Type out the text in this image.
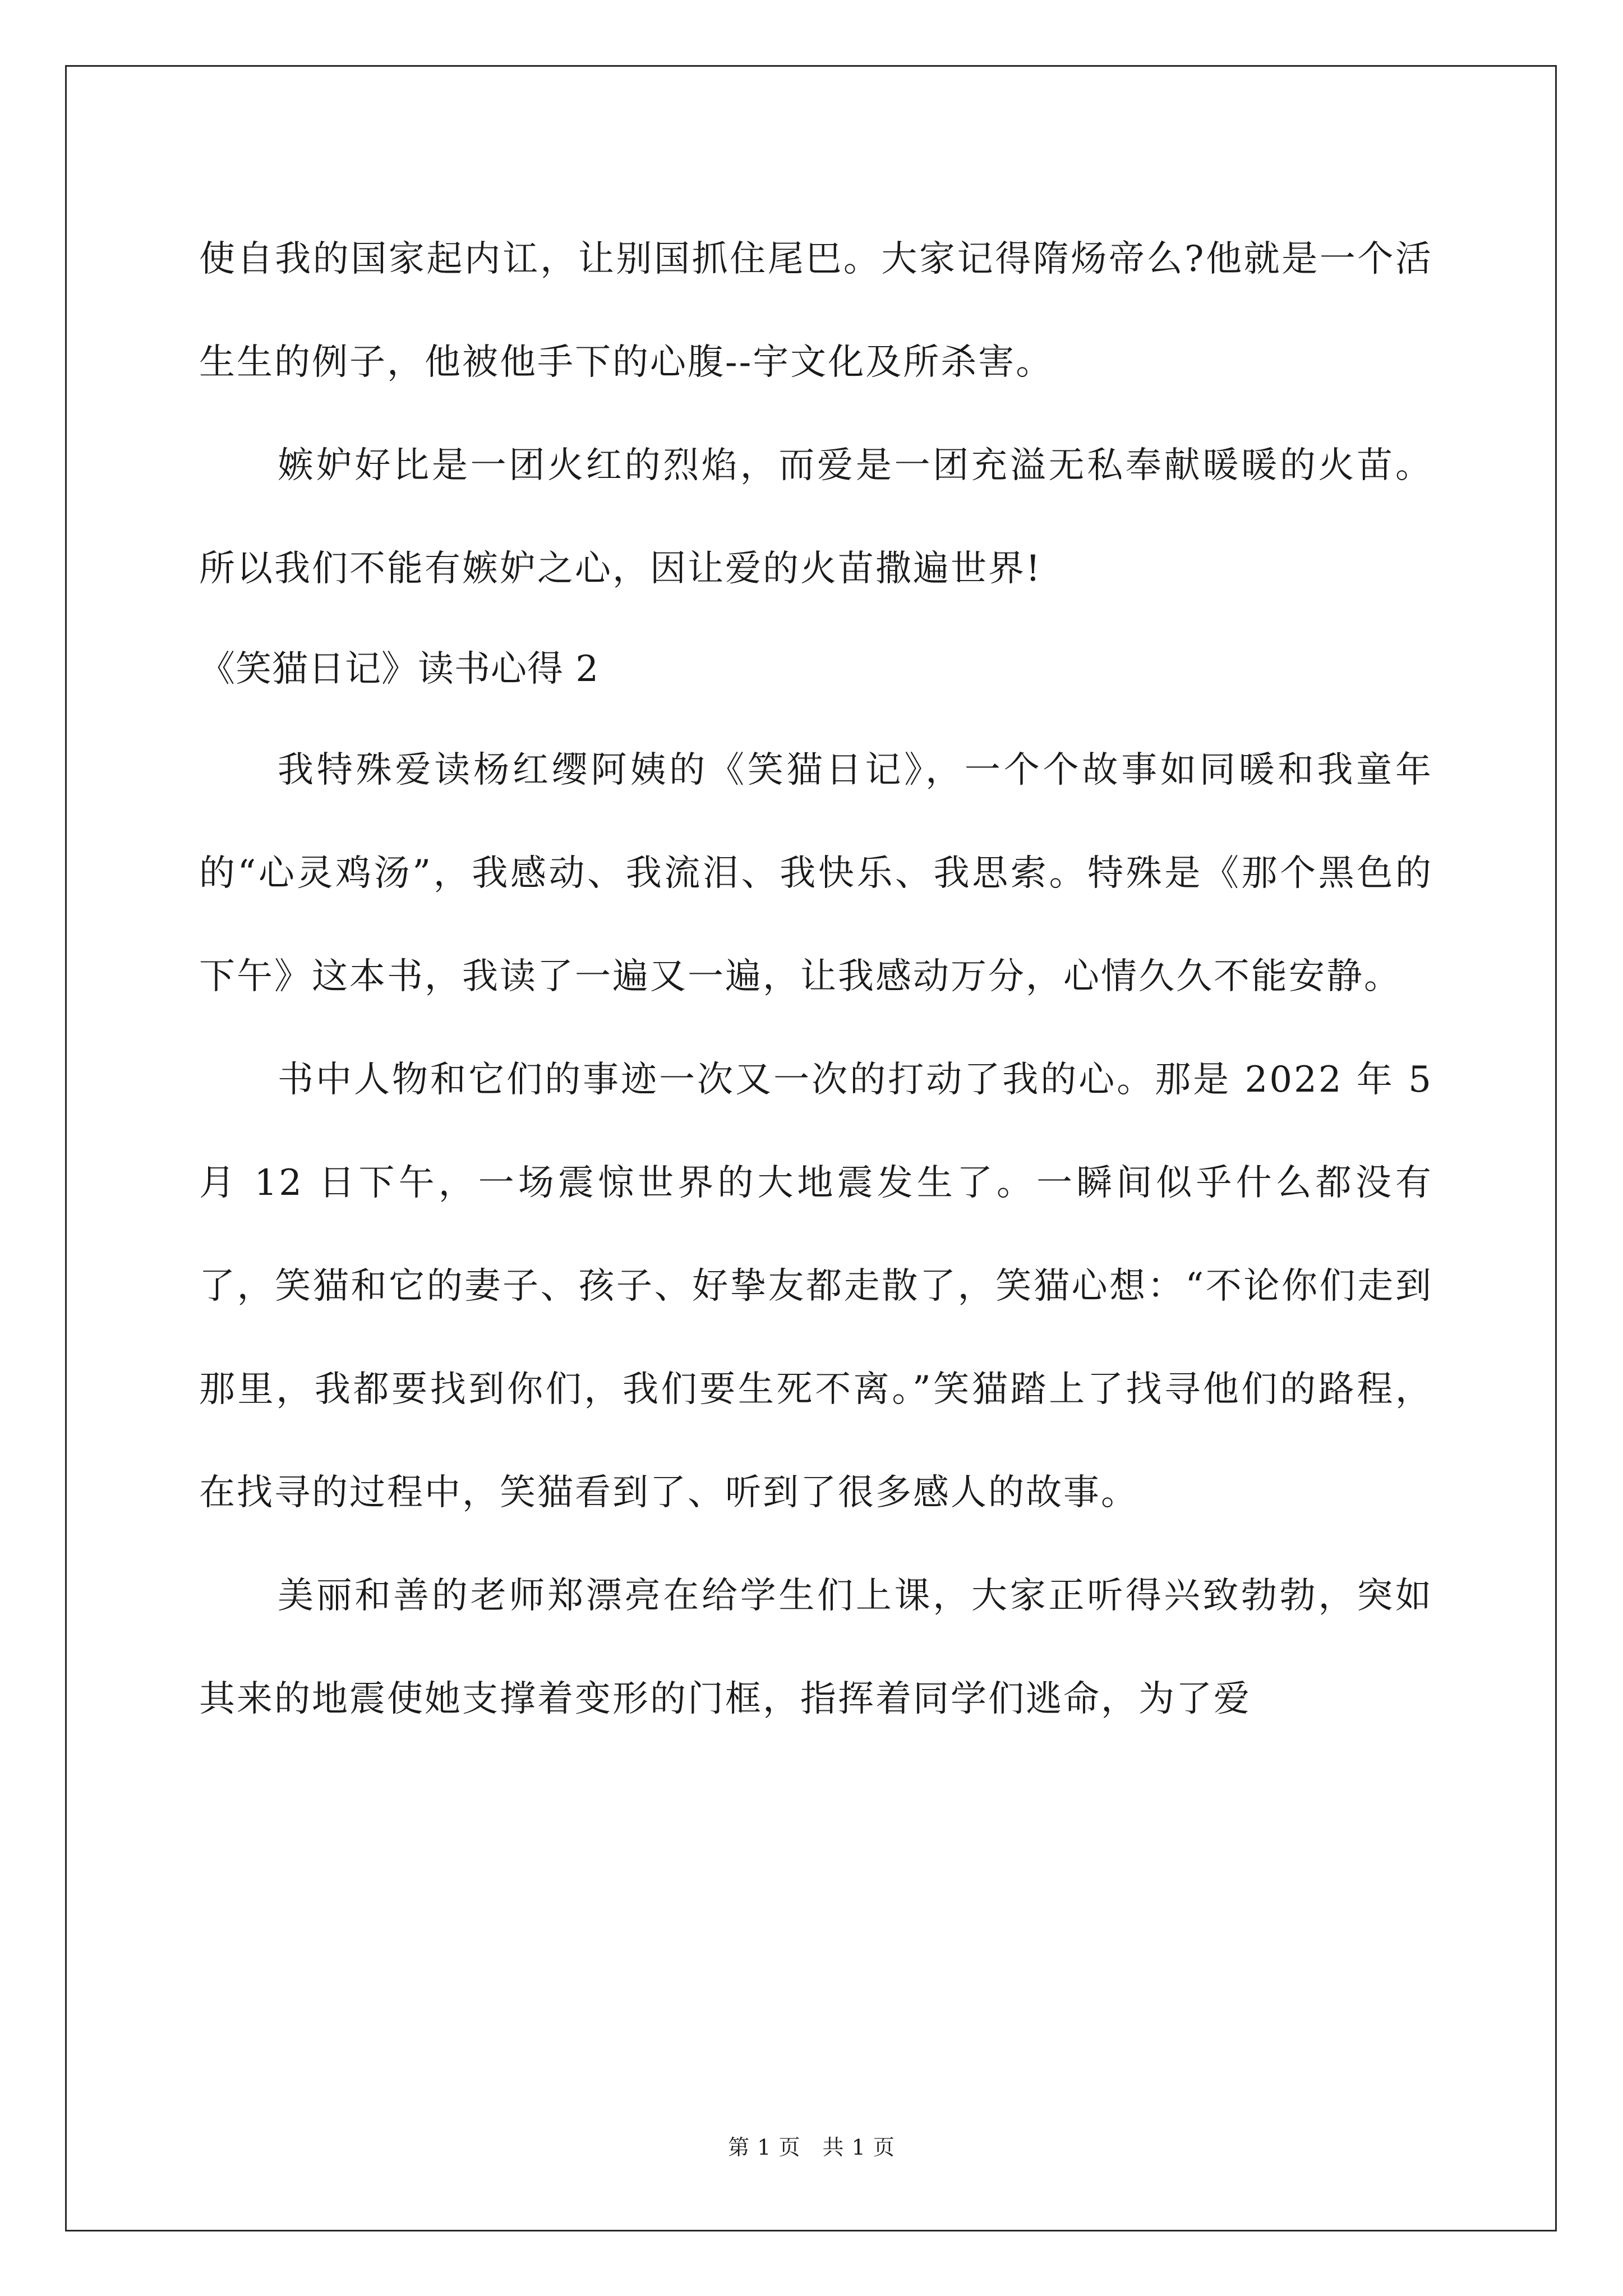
使自我的国家起内讧，让别国抓住尾巴。大家记得隋炀帝么?他就是一个活生生的例子，他被他手下的心腹--宇文化及所杀害。

嫉妒好比是一团火红的烈焰，而爱是一团充溢无私奉献暖暖的火苗。所以我们不能有嫉妒之心，因让爱的火苗撒遍世界!

《笑猫日记》读书心得 2

我特殊爱读杨红缨阿姨的《笑猫日记》，一个个故事如同暖和我童年的“心灵鸡汤”，我感动、我流泪、我快乐、我思索。特殊是《那个黑色的下午》这本书，我读了一遍又一遍，让我感动万分，心情久久不能安静。

书中人物和它们的事迹一次又一次的打动了我的心。那是 2022 年 5 月 12 日下午，一场震惊世界的大地震发生了。一瞬间似乎什么都没有了，笑猫和它的妻子、孩子、好挚友都走散了，笑猫心想：“不论你们走到那里，我都要找到你们，我们要生死不离。”笑猫踏上了找寻他们的路程，在找寻的过程中，笑猫看到了、听到了很多感人的故事。

美丽和善的老师郑漂亮在给学生们上课，大家正听得兴致勃勃，突如其来的地震使她支撑着变形的门框，指挥着同学们逃命，为了爱

第 1 页　共 1 页
